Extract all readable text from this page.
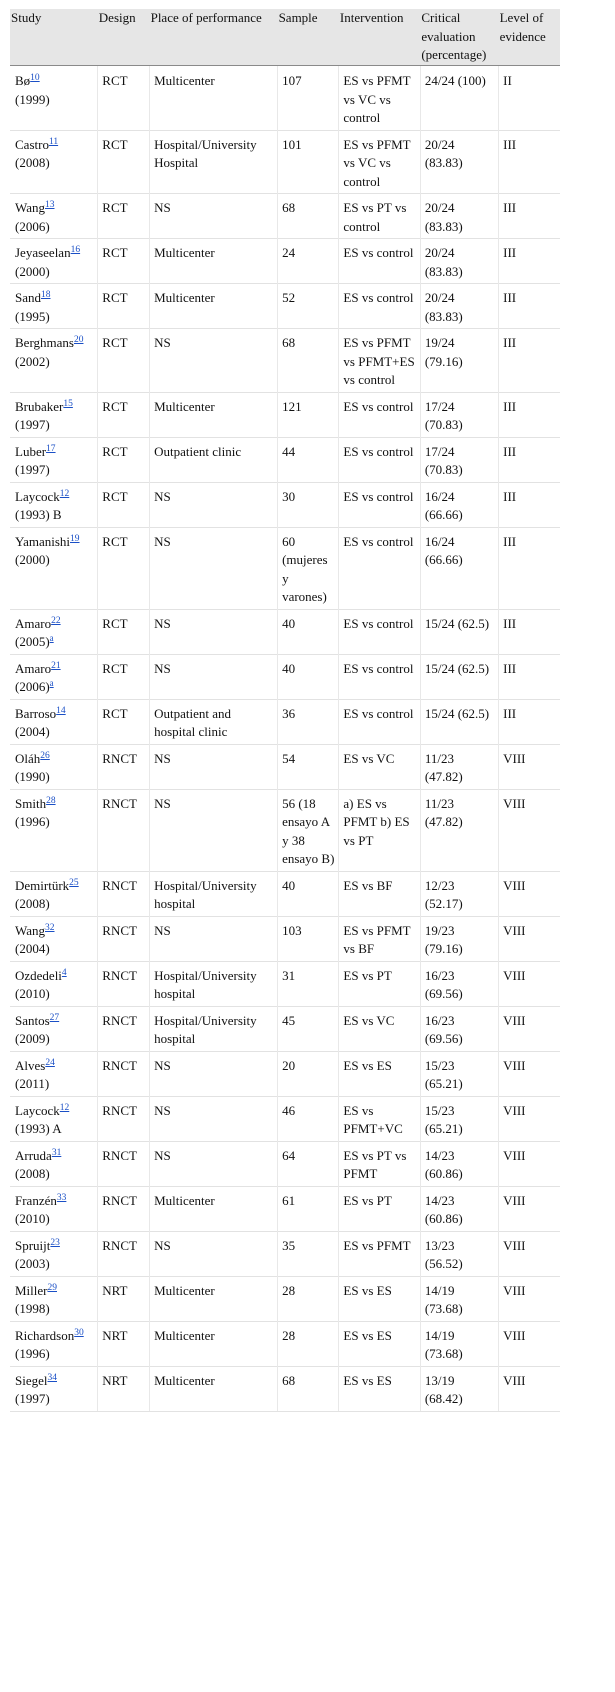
Study	Design	Place of performance	Sample	Intervention	Critical evaluation (percentage)	Level of evidence
Bø$^{10}$
(1999)	RCT	Multicenter	107	ES vs PFMT vs VC vs control	24/24 (100)	II
Castro$^{11}$
(2008)	RCT	Hospital/University Hospital	101	ES vs PFMT vs VC vs control	20/24 (83.83)	III
Wang$^{13}$
(2006)	RCT	NS	68	ES vs PT vs control	20/24 (83.83)	III
Jeyaseelan$^{16}$
(2000)	RCT	Multicenter	24	ES vs control	20/24 (83.83)	III
Sand$^{18}$
(1995)	RCT	Multicenter	52	ES vs control	20/24 (83.83)	III
Berghmans$^{20}$
(2002)	RCT	NS	68	ES vs PFMT vs PFMT+ES vs control	19/24 (79.16)	III
Brubaker$^{15}$
(1997)	RCT	Multicenter	121	ES vs control	17/24 (70.83)	III
Luber$^{17}$
(1997)	RCT	Outpatient clinic	44	ES vs control	17/24 (70.83)	III
Laycock$^{12}$
(1993) B	RCT	NS	30	ES vs control	16/24 (66.66)	III
Yamanishi$^{19}$
(2000)	RCT	NS	60 (mujeres y varones)	ES vs control	16/24 (66.66)	III
Amaro$^{22}$
(2005)$^a$	RCT	NS	40	ES vs control	15/24 (62.5)	III
Amaro$^{21}$
(2006)$^a$	RCT	NS	40	ES vs control	15/24 (62.5)	III
Barroso$^{14}$
(2004)	RCT	Outpatient and hospital clinic	36	ES vs control	15/24 (62.5)	III
Oláh$^{26}$
(1990)	RNCT	NS	54	ES vs VC	11/23 (47.82)	VIII
Smith$^{28}$
(1996)	RNCT	NS	56 (18 ensayo A y 38 ensayo B)	a) ES vs PFMT b) ES vs PT	11/23 (47.82)	VIII
Demirtürk$^{25}$
(2008)	RNCT	Hospital/University hospital	40	ES vs BF	12/23 (52.17)	VIII
Wang$^{32}$
(2004)	RNCT	NS	103	ES vs PFMT vs BF	19/23 (79.16)	VIII
Ozdedeli$^4$
(2010)	RNCT	Hospital/University hospital	31	ES vs PT	16/23 (69.56)	VIII
Santos$^{27}$
(2009)	RNCT	Hospital/University hospital	45	ES vs VC	16/23 (69.56)	VIII
Alves$^{24}$
(2011)	RNCT	NS	20	ES vs ES	15/23 (65.21)	VIII
Laycock$^{12}$
(1993) A	RNCT	NS	46	ES vs PFMT+VC	15/23 (65.21)	VIII
Arruda$^{31}$
(2008)	RNCT	NS	64	ES vs PT vs PFMT	14/23 (60.86)	VIII
Franzén$^{33}$
(2010)	RNCT	Multicenter	61	ES vs PT	14/23 (60.86)	VIII
Spruijt$^{23}$
(2003)	RNCT	NS	35	ES vs PFMT	13/23 (56.52)	VIII
Miller$^{29}$
(1998)	NRT	Multicenter	28	ES vs ES	14/19 (73.68)	VIII
Richardson$^{30}$
(1996)	NRT	Multicenter	28	ES vs ES	14/19 (73.68)	VIII
Siegel$^{34}$
(1997)	NRT	Multicenter	68	ES vs ES	13/19 (68.42)	VIII
